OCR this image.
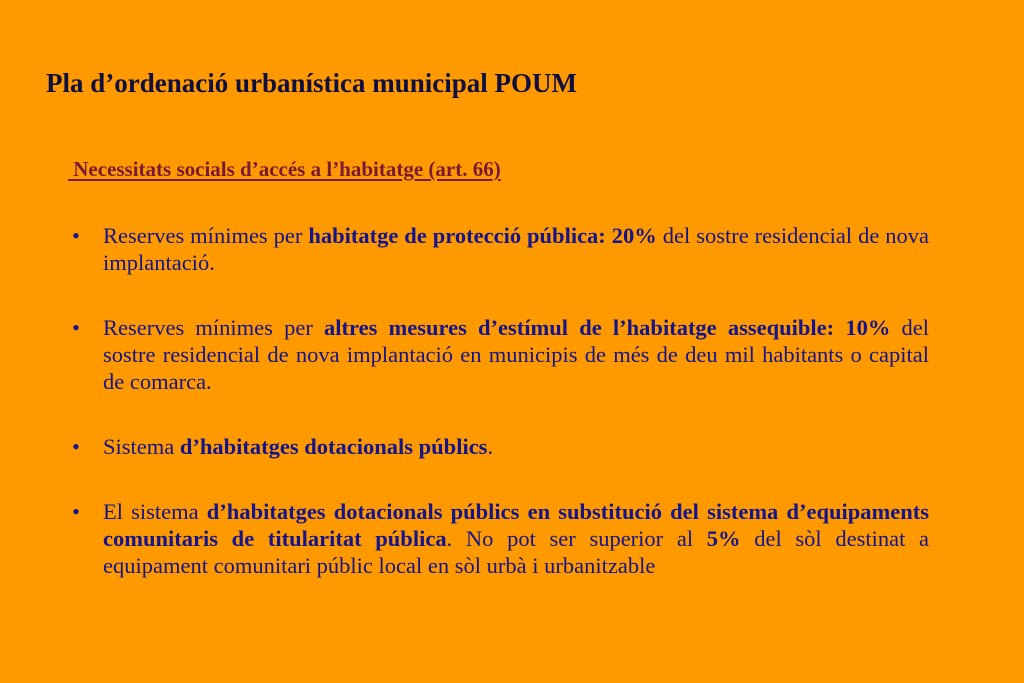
Pla d’ordenació urbanística municipal POUM

Necessitats socials d’accés a l’habitatge (art. 66)

• Reserves mínimes per habitatge de protecció pública: 20% del sostre residencial de nova implantació.
• Reserves mínimes per altres mesures d’estímul de l’habitatge assequible: 10% del sostre residencial de nova implantació en municipis de més de deu mil habitants o capital de comarca.
• Sistema d’habitatges dotacionals públics.
• El sistema d’habitatges dotacionals públics en substitució del sistema d’equipaments comunitaris de titularitat pública. No pot ser superior al 5% del sòl destinat a equipament comunitari públic local en sòl urbà i urbanitzable
